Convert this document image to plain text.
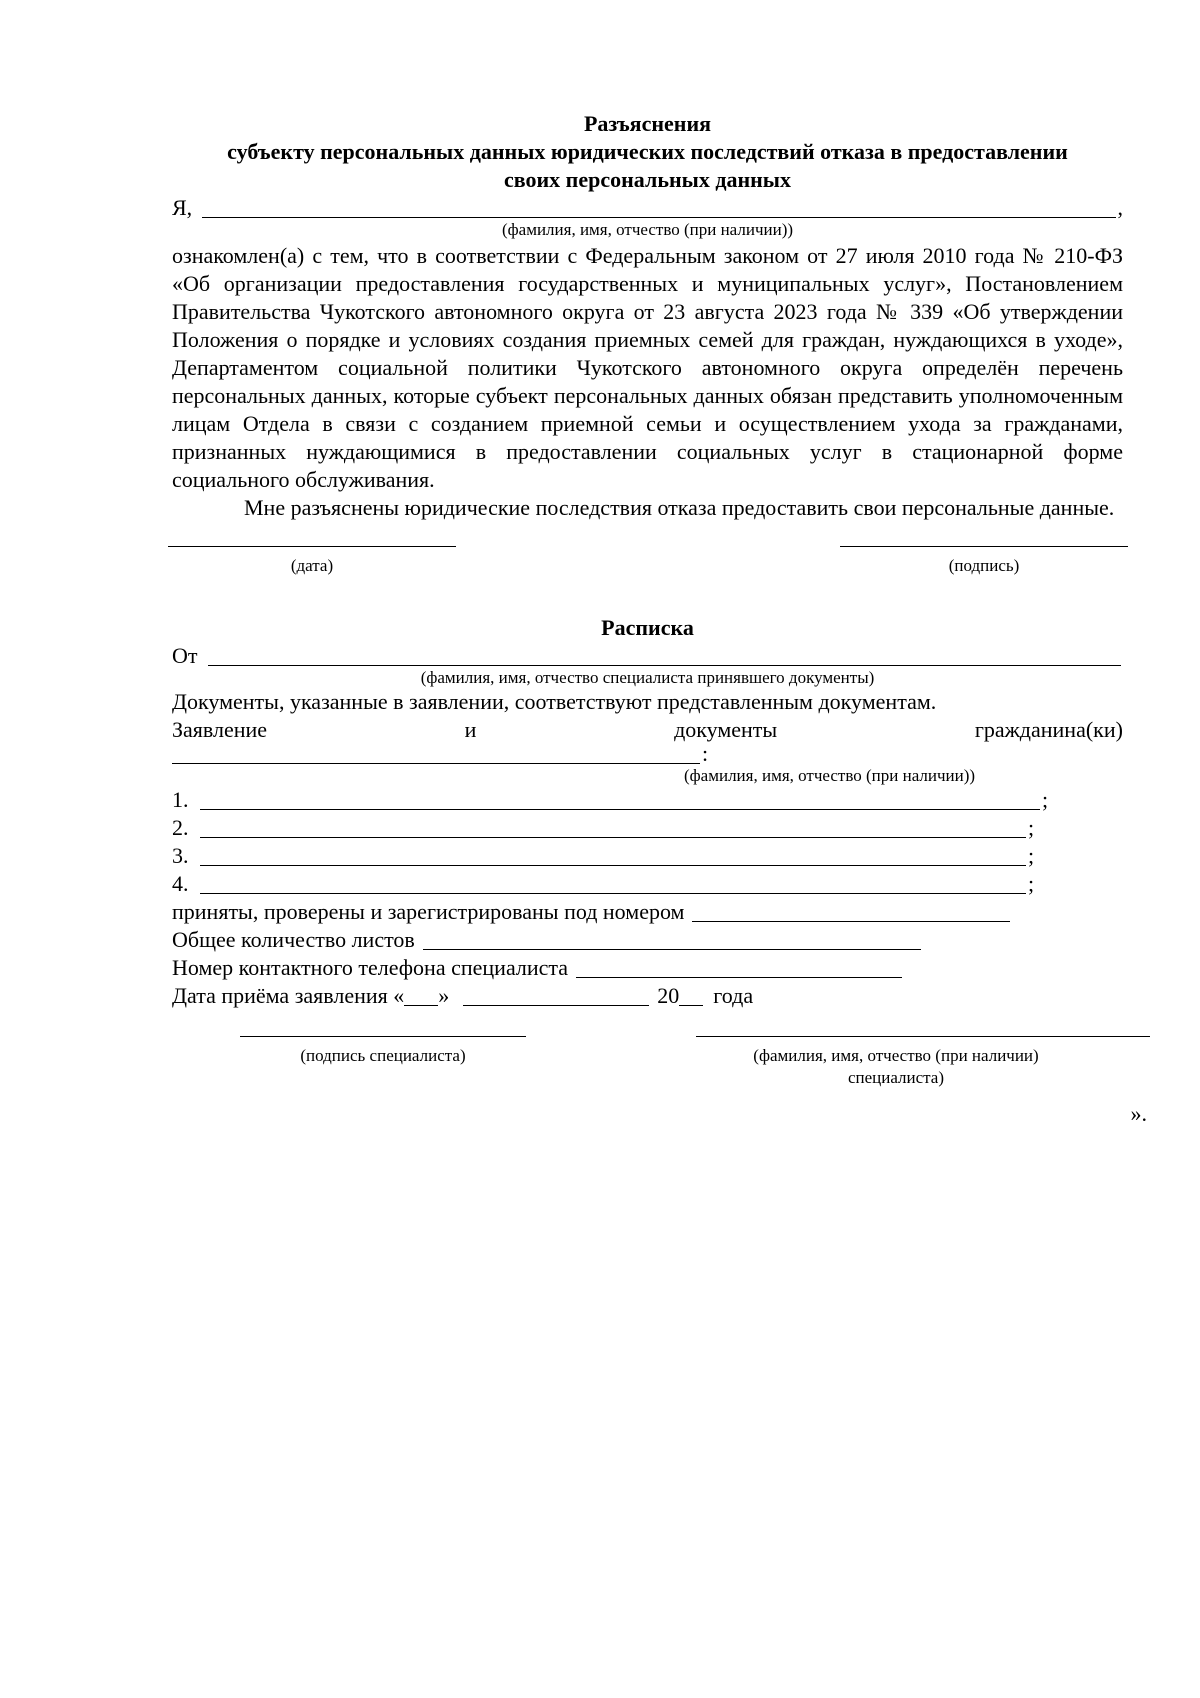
Разъяснения
субъекту персональных данных юридических последствий отказа в предоставлении
своих персональных данных
Я,	,
(фамилия, имя, отчество (при наличии))
ознакомлен(а) с тем, что в соответствии с Федеральным законом от 27 июля 2010 года № 210-ФЗ «Об организации предоставления государственных и муниципальных услуг», Постановлением Правительства Чукотского автономного округа от 23 августа 2023 года № 339 «Об утверждении Положения о порядке и условиях создания приемных семей для граждан, нуждающихся в уходе», Департаментом социальной политики Чукотского автономного округа определён перечень персональных данных, которые субъект персональных данных обязан представить уполномоченным лицам Отдела в связи с созданием приемной семьи и осуществлением ухода за гражданами, признанных нуждающимися в предоставлении социальных услуг в стационарной форме социального обслуживания.
Мне разъяснены юридические последствия отказа предоставить свои персональные данные.
(дата)	(подпись)
Расписка
От
(фамилия, имя, отчество специалиста принявшего документы)
Документы, указанные в заявлении, соответствуют представленным документам.
Заявление	и	документы	гражданина(ки)
:
(фамилия, имя, отчество (при наличии))
1.	;
2.	;
3.	;
4.	;
приняты, проверены и зарегистрированы под номером
Общее количество листов
Номер контактного телефона специалиста
Дата приёма заявления « »	20 года
(подпись специалиста)	(фамилия, имя, отчество (при наличии)
специалиста)
».
